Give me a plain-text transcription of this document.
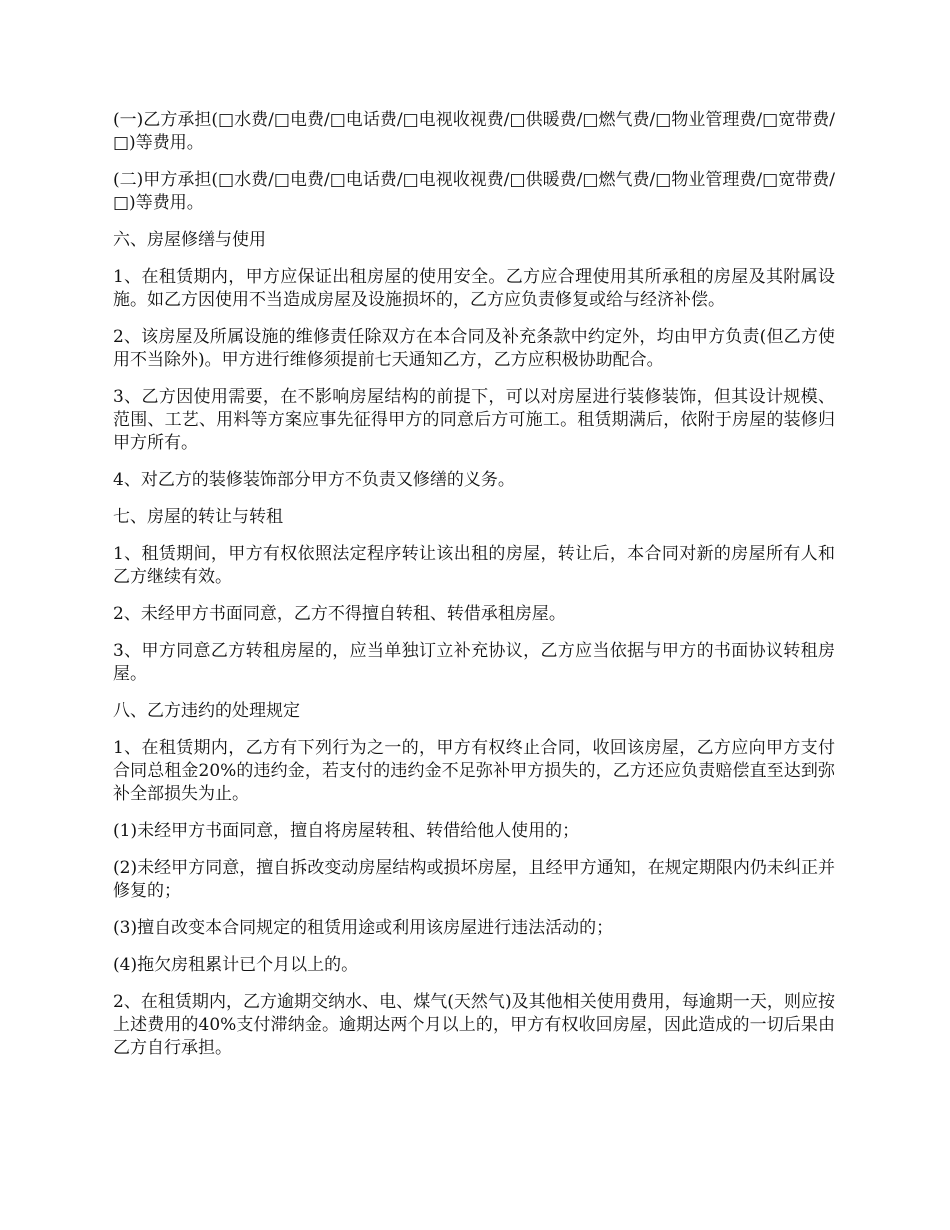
(一)乙方承担(□水费/□电费/□电话费/□电视收视费/□供暖费/□燃气费/□物业管理费/□宽带费/□)等费用。

(二)甲方承担(□水费/□电费/□电话费/□电视收视费/□供暖费/□燃气费/□物业管理费/□宽带费/□)等费用。

六、房屋修缮与使用

1、在租赁期内，甲方应保证出租房屋的使用安全。乙方应合理使用其所承租的房屋及其附属设施。如乙方因使用不当造成房屋及设施损坏的，乙方应负责修复或给与经济补偿。

2、该房屋及所属设施的维修责任除双方在本合同及补充条款中约定外，均由甲方负责(但乙方使用不当除外)。甲方进行维修须提前七天通知乙方，乙方应积极协助配合。

3、乙方因使用需要，在不影响房屋结构的前提下，可以对房屋进行装修装饰，但其设计规模、范围、工艺、用料等方案应事先征得甲方的同意后方可施工。租赁期满后，依附于房屋的装修归甲方所有。

4、对乙方的装修装饰部分甲方不负责又修缮的义务。

七、房屋的转让与转租

1、租赁期间，甲方有权依照法定程序转让该出租的房屋，转让后，本合同对新的房屋所有人和乙方继续有效。

2、未经甲方书面同意，乙方不得擅自转租、转借承租房屋。

3、甲方同意乙方转租房屋的，应当单独订立补充协议，乙方应当依据与甲方的书面协议转租房屋。

八、乙方违约的处理规定

1、在租赁期内，乙方有下列行为之一的，甲方有权终止合同，收回该房屋，乙方应向甲方支付合同总租金20%的违约金，若支付的违约金不足弥补甲方损失的，乙方还应负责赔偿直至达到弥补全部损失为止。

(1)未经甲方书面同意，擅自将房屋转租、转借给他人使用的；

(2)未经甲方同意，擅自拆改变动房屋结构或损坏房屋，且经甲方通知，在规定期限内仍未纠正并修复的；

(3)擅自改变本合同规定的租赁用途或利用该房屋进行违法活动的；

(4)拖欠房租累计已个月以上的。

2、在租赁期内，乙方逾期交纳水、电、煤气(天然气)及其他相关使用费用，每逾期一天，则应按上述费用的40%支付滞纳金。逾期达两个月以上的，甲方有权收回房屋，因此造成的一切后果由乙方自行承担。
